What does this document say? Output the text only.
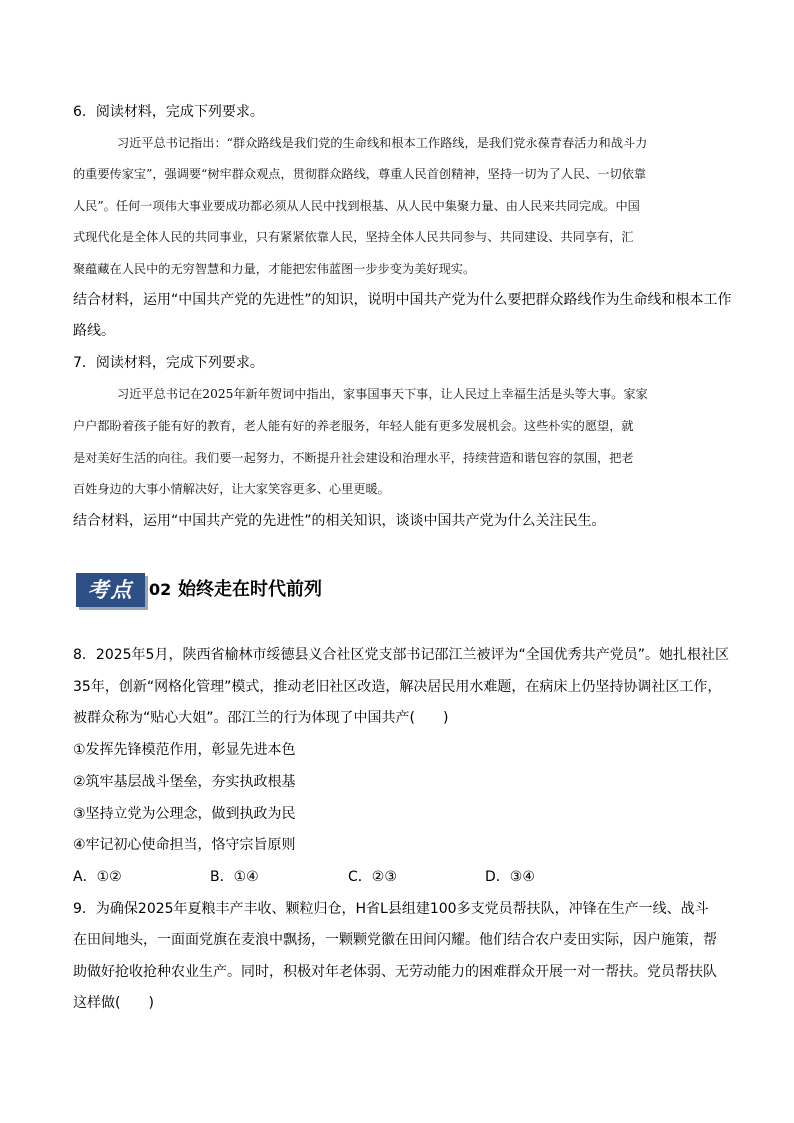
6．阅读材料，完成下列要求。
习近平总书记指出：“群众路线是我们党的生命线和根本工作路线，是我们党永葆青春活力和战斗力
的重要传家宝”，强调要“树牢群众观点，贯彻群众路线，尊重人民首创精神，坚持一切为了人民、一切依靠
人民”。任何一项伟大事业要成功都必须从人民中找到根基、从人民中集聚力量、由人民来共同完成。中国
式现代化是全体人民的共同事业，只有紧紧依靠人民，坚持全体人民共同参与、共同建设、共同享有，汇
聚蕴藏在人民中的无穷智慧和力量，才能把宏伟蓝图一步步变为美好现实。
结合材料，运用“中国共产党的先进性”的知识，说明中国共产党为什么要把群众路线作为生命线和根本工作
路线。
7．阅读材料，完成下列要求。
习近平总书记在2025年新年贺词中指出，家事国事天下事，让人民过上幸福生活是头等大事。家家
户户都盼着孩子能有好的教育，老人能有好的养老服务，年轻人能有更多发展机会。这些朴实的愿望，就
是对美好生活的向往。我们要一起努力，不断提升社会建设和治理水平，持续营造和谐包容的氛围，把老
百姓身边的大事小情解决好，让大家笑容更多、心里更暖。
结合材料，运用“中国共产党的先进性”的相关知识，谈谈中国共产党为什么关注民生。
考点 02 始终走在时代前列
8．2025年5月，陕西省榆林市绥德县义合社区党支部书记邵江兰被评为“全国优秀共产党员”。她扎根社区
35年，创新“网格化管理”模式，推动老旧社区改造，解决居民用水难题，在病床上仍坚持协调社区工作，
被群众称为“贴心大姐”。邵江兰的行为体现了中国共产(　　)
①发挥先锋模范作用，彰显先进本色
②筑牢基层战斗堡垒，夯实执政根基
③坚持立党为公理念，做到执政为民
④牢记初心使命担当，恪守宗旨原则
A．①②	B．①④	C．②③	D．③④
9．为确保2025年夏粮丰产丰收、颗粒归仓，H省L县组建100多支党员帮扶队，冲锋在生产一线、战斗
在田间地头，一面面党旗在麦浪中飘扬，一颗颗党徽在田间闪耀。他们结合农户麦田实际，因户施策，帮
助做好抢收抢种农业生产。同时，积极对年老体弱、无劳动能力的困难群众开展一对一帮扶。党员帮扶队
这样做(　　)
